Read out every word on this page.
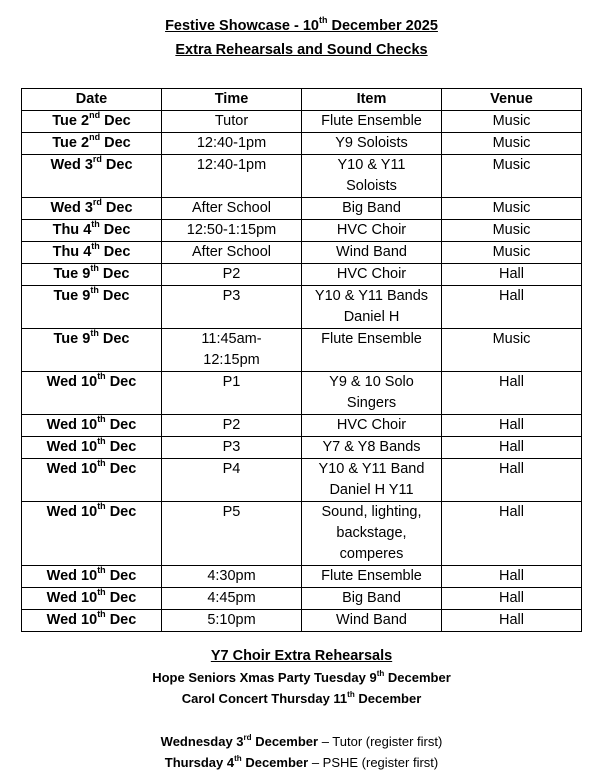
Festive Showcase - 10th December 2025
Extra Rehearsals and Sound Checks
Date	Time	Item	Venue
Tue 2nd Dec	Tutor	Flute Ensemble	Music
Tue 2nd Dec	12:40-1pm	Y9 Soloists	Music
Wed 3rd Dec	12:40-1pm	Y10 & Y11
Soloists	Music
Wed 3rd Dec	After School	Big Band	Music
Thu 4th Dec	12:50-1:15pm	HVC Choir	Music
Thu 4th Dec	After School	Wind Band	Music
Tue 9th Dec	P2	HVC Choir	Hall
Tue 9th Dec	P3	Y10 & Y11 Bands
Daniel H	Hall
Tue 9th Dec	11:45am-
12:15pm	Flute Ensemble	Music
Wed 10th Dec	P1	Y9 & 10 Solo
Singers	Hall
Wed 10th Dec	P2	HVC Choir	Hall
Wed 10th Dec	P3	Y7 & Y8 Bands	Hall
Wed 10th Dec	P4	Y10 & Y11 Band
Daniel H Y11	Hall
Wed 10th Dec	P5	Sound, lighting,
backstage,
comperes	Hall
Wed 10th Dec	4:30pm	Flute Ensemble	Hall
Wed 10th Dec	4:45pm	Big Band	Hall
Wed 10th Dec	5:10pm	Wind Band	Hall
Y7 Choir Extra Rehearsals
Hope Seniors Xmas Party Tuesday 9th December
Carol Concert Thursday 11th December
Wednesday 3rd December – Tutor (register first)
Thursday 4th December – PSHE (register first)
